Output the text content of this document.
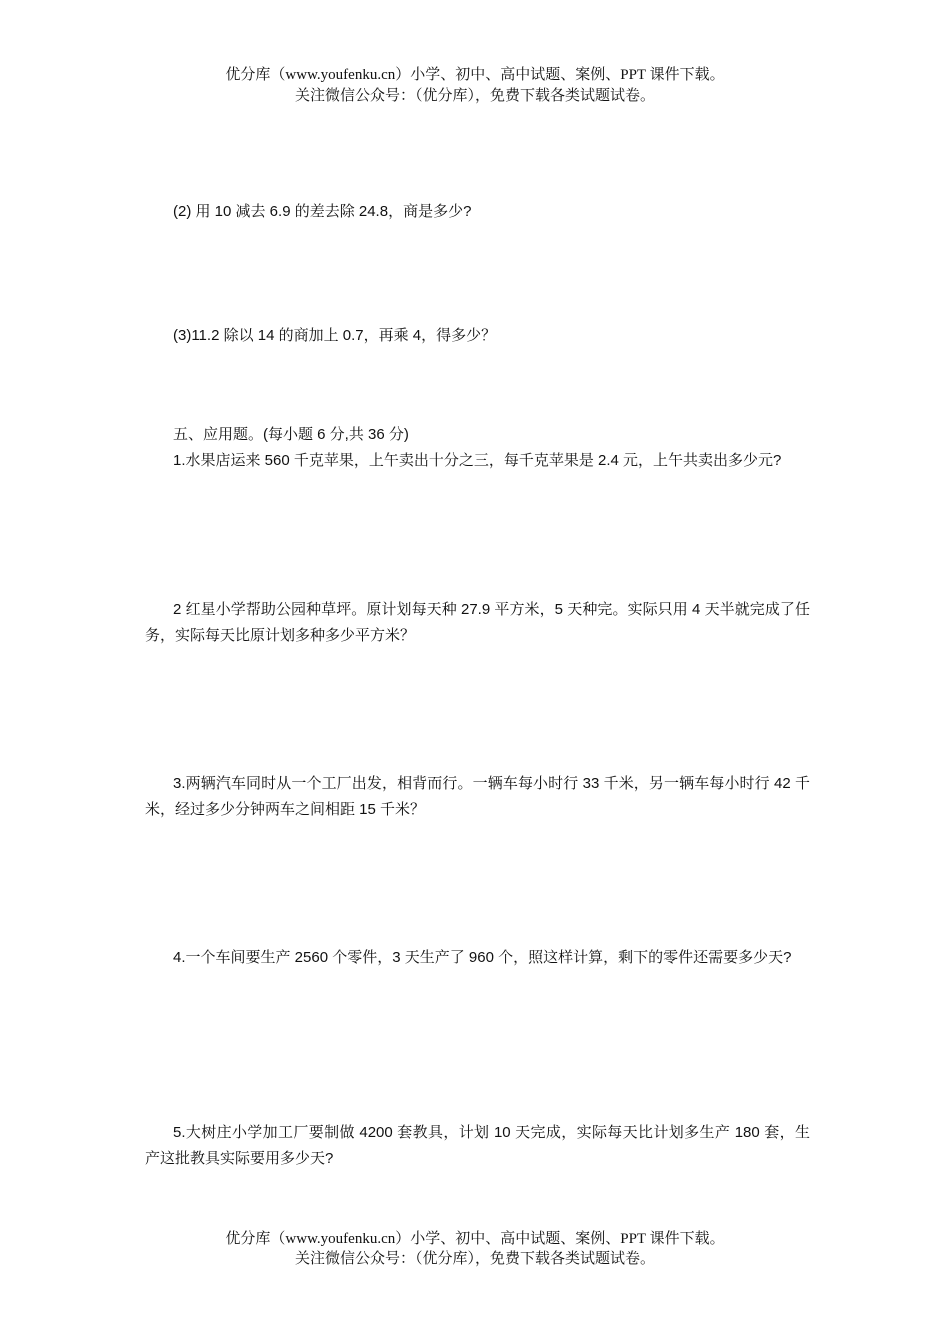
优分库（www.youfenku.cn）小学、初中、高中试题、案例、PPT 课件下载。
关注微信公众号：（优分库），免费下载各类试题试卷。
(2) 用 10 减去 6.9 的差去除 24.8，商是多少?
(3)11.2 除以 14 的商加上 0.7，再乘 4，得多少？
五、应用题。(每小题 6 分,共 36 分)
1.水果店运来 560 千克苹果，上午卖出十分之三，每千克苹果是 2.4 元，上午共卖出多少元?
2 红星小学帮助公园种草坪。原计划每天种 27.9 平方米，5 天种完。实际只用 4 天半就完成了任务，实际每天比原计划多种多少平方米？
3.两辆汽车同时从一个工厂出发，相背而行。一辆车每小时行 33 千米，另一辆车每小时行 42 千米，经过多少分钟两车之间相距 15 千米？
4.一个车间要生产 2560 个零件，3 天生产了 960 个，照这样计算，剩下的零件还需要多少天?
5.大树庄小学加工厂要制做 4200 套教具，计划 10 天完成，实际每天比计划多生产 180 套，生产这批教具实际要用多少天?
优分库（www.youfenku.cn）小学、初中、高中试题、案例、PPT 课件下载。
关注微信公众号：（优分库），免费下载各类试题试卷。
